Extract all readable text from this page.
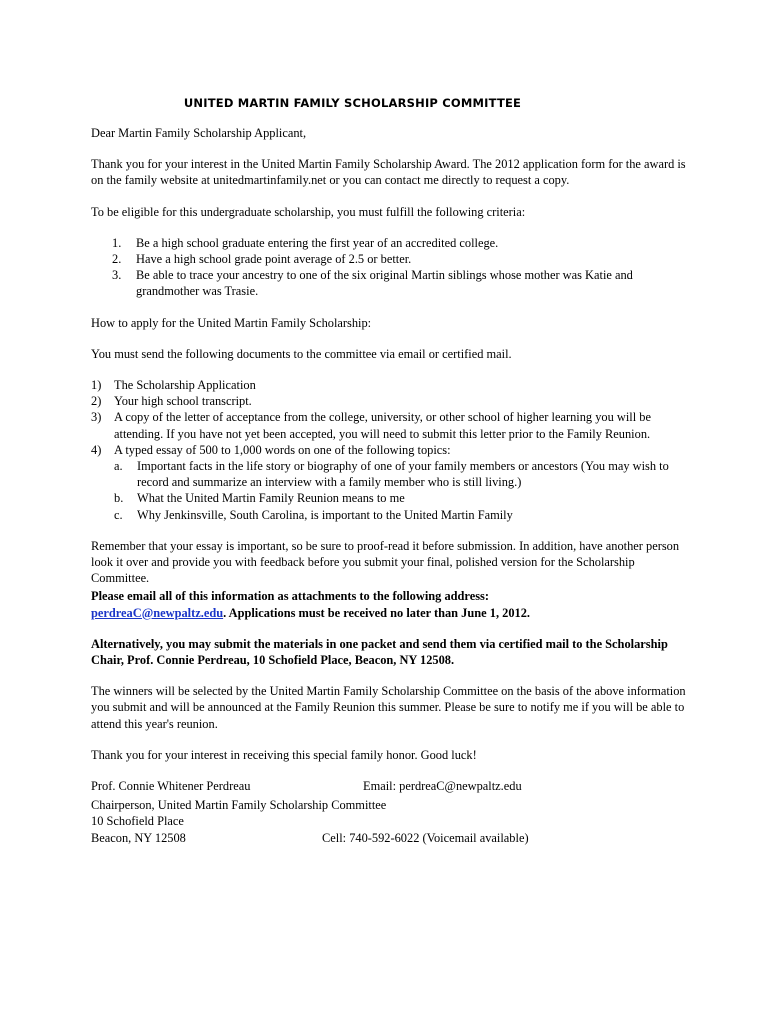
UNITED MARTIN FAMILY SCHOLARSHIP COMMITTEE

Dear Martin Family Scholarship Applicant,

Thank you for your interest in the United Martin Family Scholarship Award. The 2012 application form for the award is on the family website at unitedmartinfamily.net or you can contact me directly to request a copy.

To be eligible for this undergraduate scholarship, you must fulfill the following criteria:

1. Be a high school graduate entering the first year of an accredited college.
2. Have a high school grade point average of 2.5 or better.
3. Be able to trace your ancestry to one of the six original Martin siblings whose mother was Katie and grandmother was Trasie.

How to apply for the United Martin Family Scholarship:

You must send the following documents to the committee via email or certified mail.

1) The Scholarship Application
2) Your high school transcript.
3) A copy of the letter of acceptance from the college, university, or other school of higher learning you will be attending. If you have not yet been accepted, you will need to submit this letter prior to the Family Reunion.
4) A typed essay of 500 to 1,000 words on one of the following topics:
a. Important facts in the life story or biography of one of your family members or ancestors (You may wish to record and summarize an interview with a family member who is still living.)
b. What the United Martin Family Reunion means to me
c. Why Jenkinsville, South Carolina, is important to the United Martin Family

Remember that your essay is important, so be sure to proof-read it before submission. In addition, have another person look it over and provide you with feedback before you submit your final, polished version for the Scholarship Committee.

Please email all of this information as attachments to the following address:

perdreaC@newpaltz.edu. Applications must be received no later than June 1, 2012.

Alternatively, you may submit the materials in one packet and send them via certified mail to the Scholarship Chair, Prof. Connie Perdreau, 10 Schofield Place, Beacon, NY 12508.

The winners will be selected by the United Martin Family Scholarship Committee on the basis of the above information you submit and will be announced at the Family Reunion this summer. Please be sure to notify me if you will be able to attend this year's reunion.

Thank you for your interest in receiving this special family honor. Good luck!

Prof. Connie Whitener Perdreau	Email: perdreaC@newpaltz.edu
Chairperson, United Martin Family Scholarship Committee
10 Schofield Place
Beacon, NY 12508	Cell: 740-592-6022 (Voicemail available)
